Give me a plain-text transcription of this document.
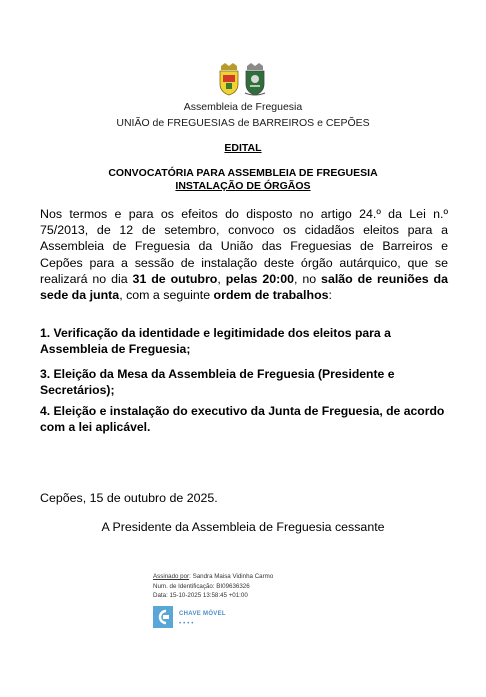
Assembleia de Freguesia
UNIÃO de FREGUESIAS de BARREIROS e CEPÕES
EDITAL
CONVOCATÓRIA PARA ASSEMBLEIA DE FREGUESIA
INSTALAÇÃO DE ÓRGÃOS
Nos termos e para os efeitos do disposto no artigo 24.º da Lei n.º 75/2013, de 12 de setembro, convoco os cidadãos eleitos para a Assembleia de Freguesia da União das Freguesias de Barreiros e Cepões para a sessão de instalação deste órgão autárquico, que se realizará no dia 31 de outubro, pelas 20:00, no salão de reuniões da sede da junta, com a seguinte ordem de trabalhos:
1. Verificação da identidade e legitimidade dos eleitos para a Assembleia de Freguesia;
3. Eleição da Mesa da Assembleia de Freguesia (Presidente e Secretários);
4. Eleição e instalação do executivo da Junta de Freguesia, de acordo com a lei aplicável.
Cepões, 15 de outubro de 2025.
A Presidente da Assembleia de Freguesia cessante
Assinado por: Sandra Maisa Vidinha Carmo
Num. de Identificação: BI09636326
Data: 15-10-2025 13:58:45 +01:00
CHAVE MÓVEL
••••
